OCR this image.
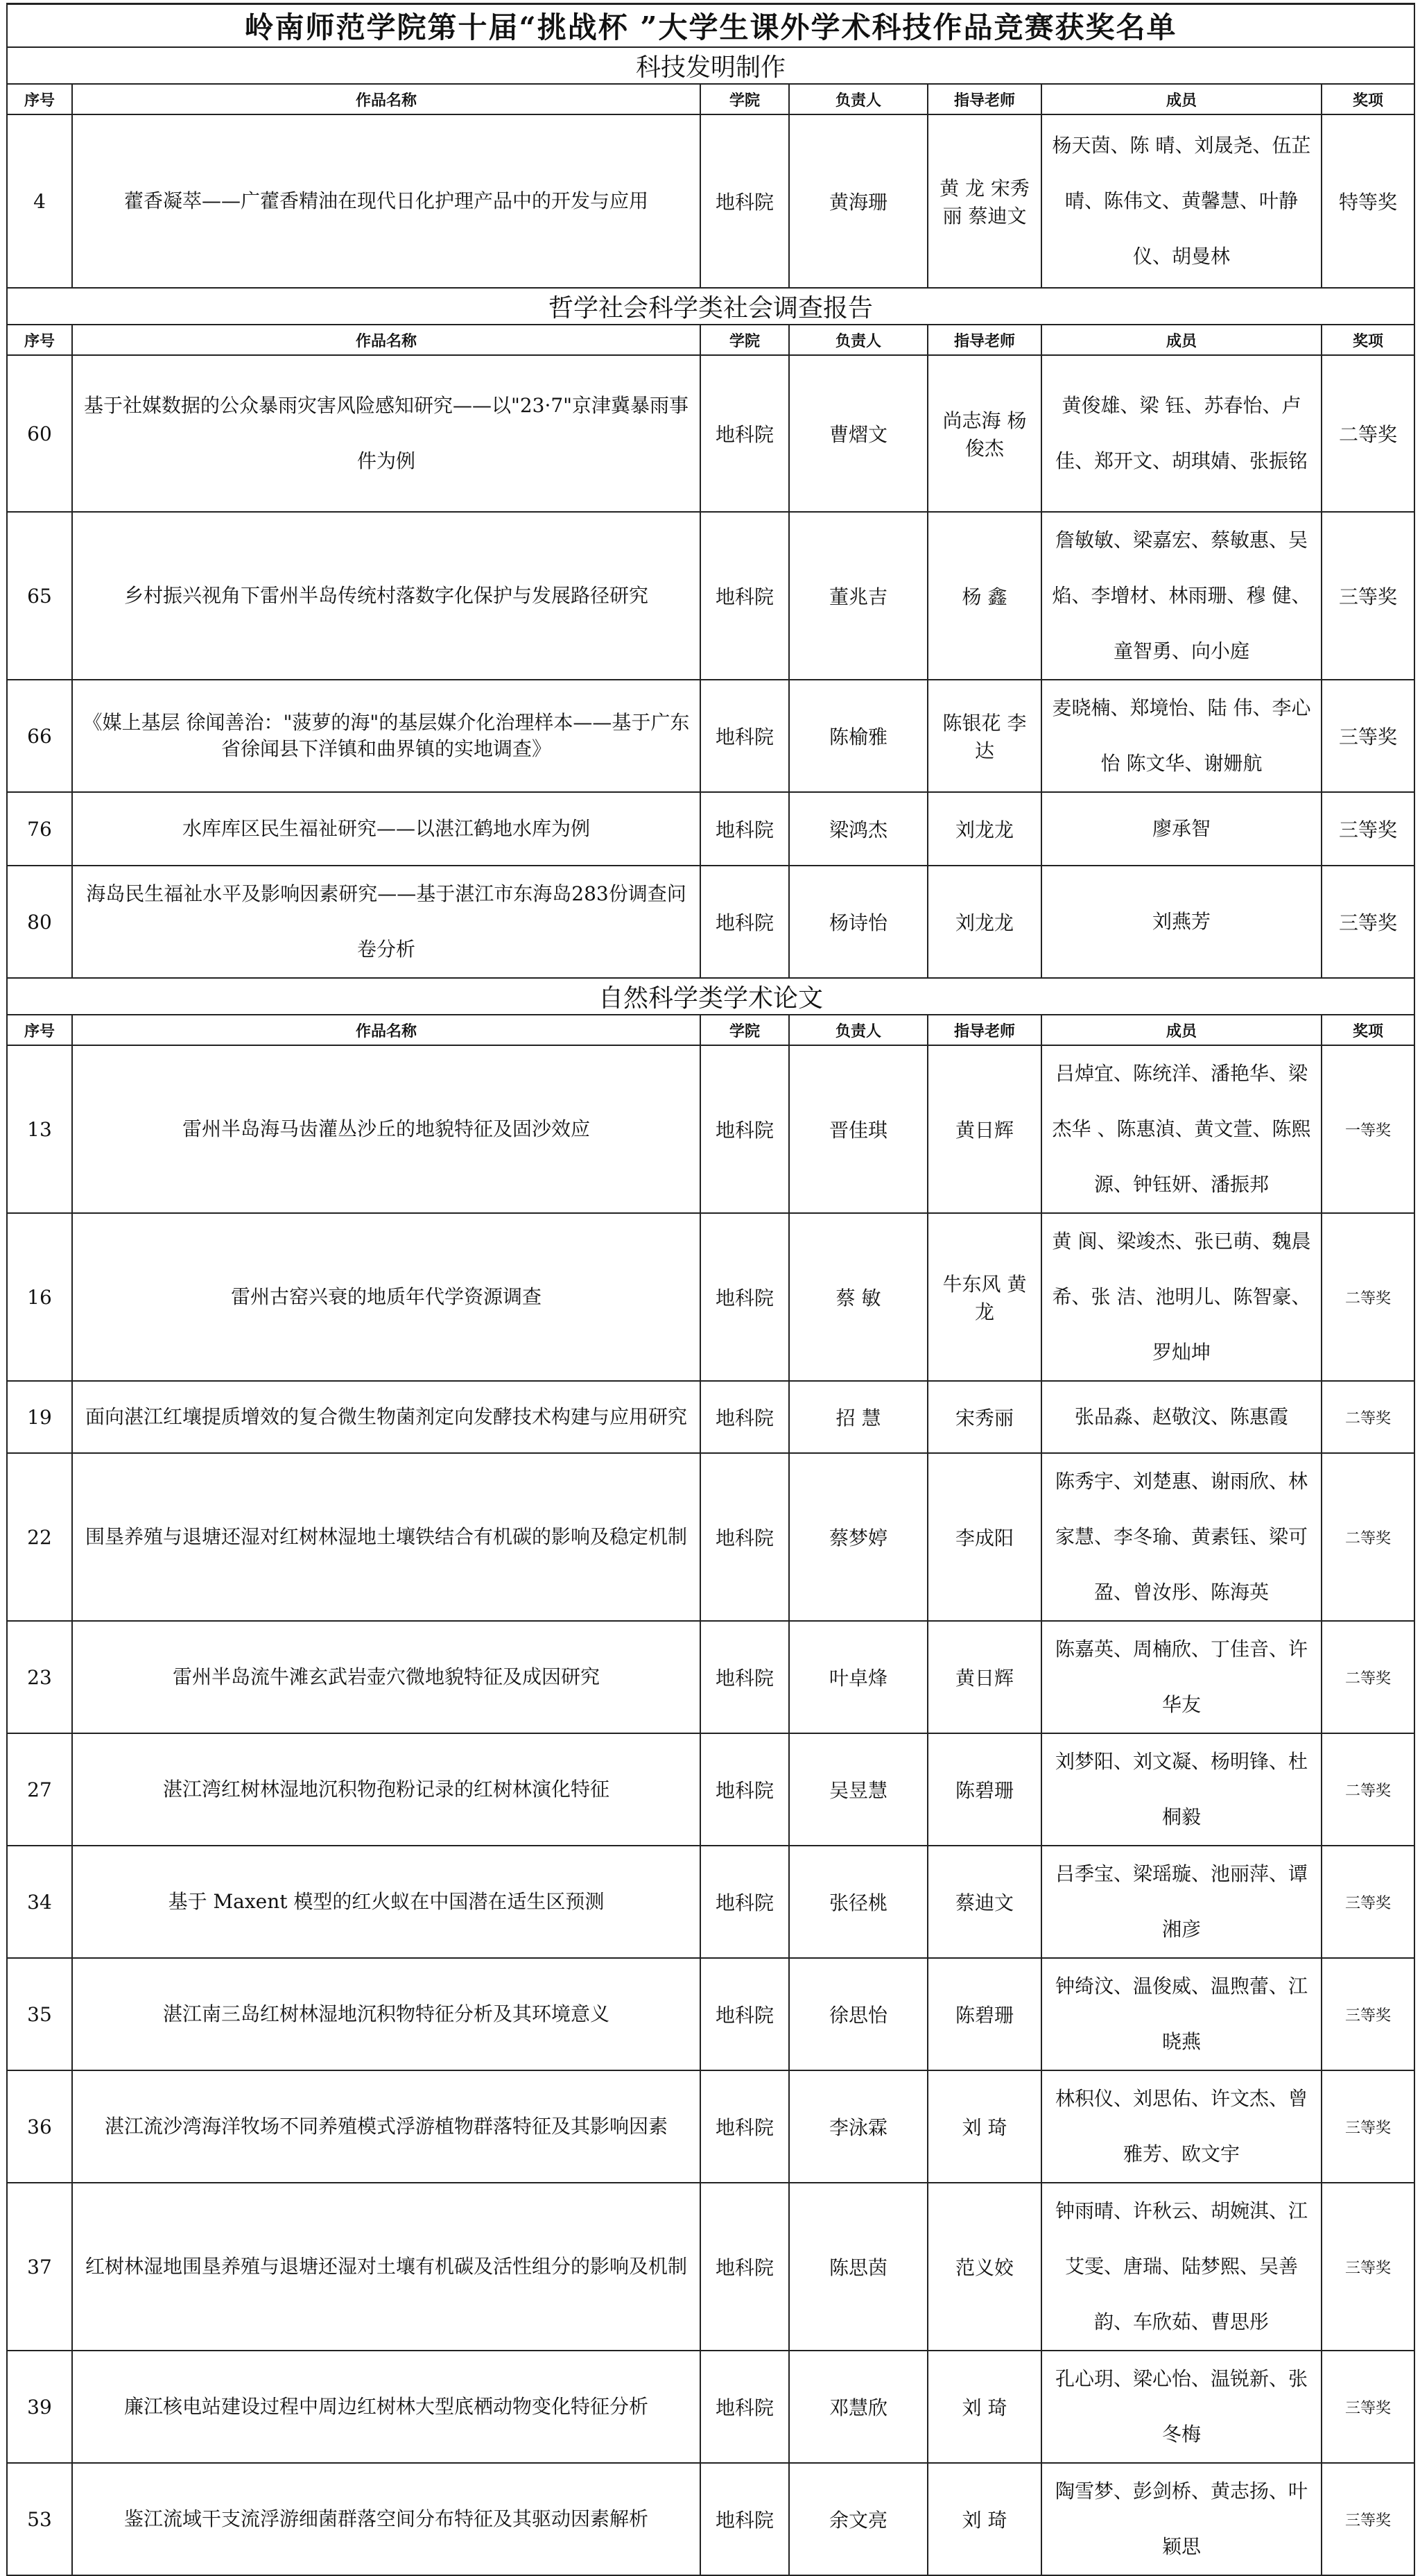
岭南师范学院第十届“挑战杯 ”大学生课外学术科技作品竞赛获奖名单						
科技发明制作						
序号	作品名称	学院	负责人	指导老师	成员	奖项
4	藿香凝萃——广藿香精油在现代日化护理产品中的开发与应用	地科院	黄海珊	黄 龙 宋秀丽 蔡迪文	杨天茵、陈 晴、刘晟尧、伍芷晴、陈伟文、黄馨慧、叶静仪、胡曼林	特等奖
哲学社会科学类社会调查报告						
序号	作品名称	学院	负责人	指导老师	成员	奖项
60	基于社媒数据的公众暴雨灾害风险感知研究——以"23·7"京津冀暴雨事件为例	地科院	曹熠文	尚志海 杨俊杰	黄俊雄、梁 钰、苏春怡、卢 佳、郑开文、胡琪婧、张振铭	二等奖
65	乡村振兴视角下雷州半岛传统村落数字化保护与发展路径研究	地科院	董兆吉	杨 鑫	詹敏敏、梁嘉宏、蔡敏惠、吴 焰、李增材、林雨珊、穆 健、童智勇、向小庭	三等奖
66	《媒上基层 徐闻善治："菠萝的海"的基层媒介化治理样本——基于广东省徐闻县下洋镇和曲界镇的实地调查》	地科院	陈榆雅	陈银花 李 达	麦晓楠、郑境怡、陆 伟、李心怡 陈文华、谢姗航	三等奖
76	水库库区民生福祉研究——以湛江鹤地水库为例	地科院	梁鸿杰	刘龙龙	廖承智	三等奖
80	海岛民生福祉水平及影响因素研究——基于湛江市东海岛283份调查问卷分析	地科院	杨诗怡	刘龙龙	刘燕芳	三等奖
自然科学类学术论文						
序号	作品名称	学院	负责人	指导老师	成员	奖项
13	雷州半岛海马齿灌丛沙丘的地貌特征及固沙效应	地科院	晋佳琪	黄日辉	吕焯宜、陈统洋、潘艳华、梁杰华 、陈惠湞、黄文萱、陈熙源、钟钰妍、潘振邦	一等奖
16	雷州古窑兴衰的地质年代学资源调查	地科院	蔡 敏	牛东风 黄 龙	黄 阆、梁竣杰、张已萌、魏晨希、张 洁、池明儿、陈智豪、罗灿坤	二等奖
19	面向湛江红壤提质增效的复合微生物菌剂定向发酵技术构建与应用研究	地科院	招 慧	宋秀丽	张品淼、赵敬汶、陈惠霞	二等奖
22	围垦养殖与退塘还湿对红树林湿地土壤铁结合有机碳的影响及稳定机制	地科院	蔡梦婷	李成阳	陈秀宇、刘楚惠、谢雨欣、林家慧、李冬瑜、黄素钰、梁可盈、曾汝彤、陈海英	二等奖
23	雷州半岛流牛滩玄武岩壶穴微地貌特征及成因研究	地科院	叶卓烽	黄日辉	陈嘉英、周楠欣、丁佳音、许华友	二等奖
27	湛江湾红树林湿地沉积物孢粉记录的红树林演化特征	地科院	吴昱慧	陈碧珊	刘梦阳、刘文凝、杨明锋、杜桐毅	二等奖
34	基于 Maxent 模型的红火蚁在中国潜在适生区预测	地科院	张径桃	蔡迪文	吕季宝、梁瑶璇、池丽萍、谭湘彦	三等奖
35	湛江南三岛红树林湿地沉积物特征分析及其环境意义	地科院	徐思怡	陈碧珊	钟绮汶、温俊威、温煦蕾、江晓燕	三等奖
36	湛江流沙湾海洋牧场不同养殖模式浮游植物群落特征及其影响因素	地科院	李泳霖	刘 琦	林积仪、刘思佑、许文杰、曾雅芳、欧文宇	三等奖
37	红树林湿地围垦养殖与退塘还湿对土壤有机碳及活性组分的影响及机制	地科院	陈思茵	范义姣	钟雨晴、许秋云、胡婉淇、江艾雯、唐瑞、陆梦熙、吴善韵、车欣茹、曹思彤	三等奖
39	廉江核电站建设过程中周边红树林大型底栖动物变化特征分析	地科院	邓慧欣	刘 琦	孔心玥、梁心怡、温锐新、张冬梅	三等奖
53	鉴江流域干支流浮游细菌群落空间分布特征及其驱动因素解析	地科院	余文亮	刘 琦	陶雪梦、彭剑桥、黄志扬、叶颖思	三等奖
